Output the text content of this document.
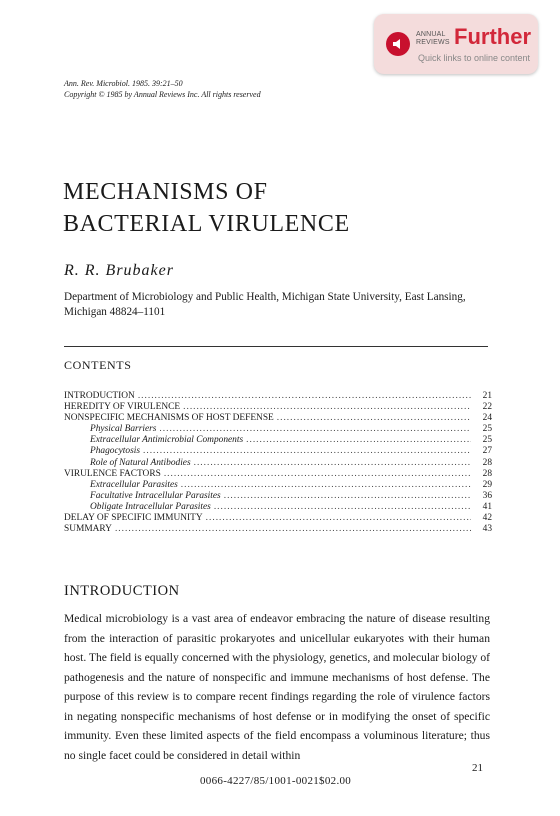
ANNUAL
REVIEWS Further
Quick links to online content
Ann. Rev. Microbiol. 1985. 39:21–50
Copyright © 1985 by Annual Reviews Inc. All rights reserved
MECHANISMS OF
BACTERIAL VIRULENCE
R. R. Brubaker
Department of Microbiology and Public Health, Michigan State University, East Lansing, Michigan 48824–1101
CONTENTS
INTRODUCTION .....	21
HEREDITY OF VIRULENCE .....	22
NONSPECIFIC MECHANISMS OF HOST DEFENSE .....	24
Physical Barriers .....	25
Extracellular Antimicrobial Components .....	25
Phagocytosis .....	27
Role of Natural Antibodies .....	28
VIRULENCE FACTORS .....	28
Extracellular Parasites .....	29
Facultative Intracellular Parasites .....	36
Obligate Intracellular Parasites .....	41
DELAY OF SPECIFIC IMMUNITY .....	42
SUMMARY .....	43
INTRODUCTION
Medical microbiology is a vast area of endeavor embracing the nature of disease resulting from the interaction of parasitic prokaryotes and unicellular eukaryotes with their human host. The field is equally concerned with the physiology, genetics, and molecular biology of pathogenesis and the nature of nonspecific and immune mechanisms of host defense. The purpose of this review is to compare recent findings regarding the role of virulence factors in negating nonspecific mechanisms of host defense or in modifying the onset of specific immunity. Even these limited aspects of the field encompass a voluminous literature; thus no single facet could be considered in detail within
21
0066-4227/85/1001-0021$02.00
